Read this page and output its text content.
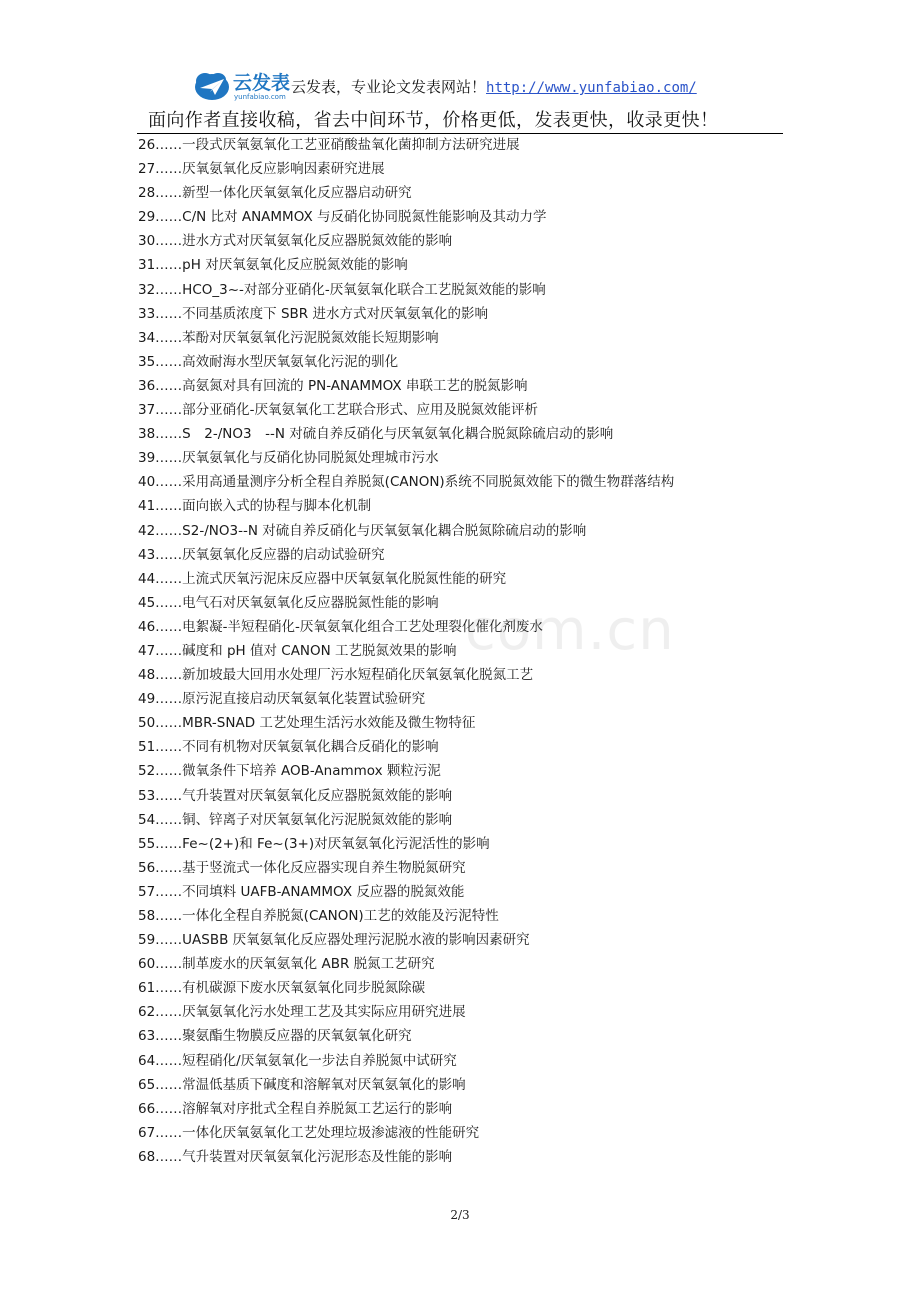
云发表
yunfabiao.com
云发表，专业论文发表网站！http://www.yunfabiao.com/
面向作者直接收稿，省去中间环节，价格更低，发表更快，收录更快！
com.cn
26……一段式厌氧氨氧化工艺亚硝酸盐氧化菌抑制方法研究进展
27……厌氧氨氧化反应影响因素研究进展
28……新型一体化厌氧氨氧化反应器启动研究
29……C/N 比对 ANAMMOX 与反硝化协同脱氮性能影响及其动力学
30……进水方式对厌氧氨氧化反应器脱氮效能的影响
31……pH 对厌氧氨氧化反应脱氮效能的影响
32……HCO_3~-对部分亚硝化-厌氧氨氧化联合工艺脱氮效能的影响
33……不同基质浓度下 SBR 进水方式对厌氧氨氧化的影响
34……苯酚对厌氧氨氧化污泥脱氮效能长短期影响
35……高效耐海水型厌氧氨氧化污泥的驯化
36……高氨氮对具有回流的 PN-ANAMMOX 串联工艺的脱氮影响
37……部分亚硝化-厌氧氨氧化工艺联合形式、应用及脱氮效能评析
38……S　2-/NO3　--N 对硫自养反硝化与厌氧氨氧化耦合脱氮除硫启动的影响
39……厌氧氨氧化与反硝化协同脱氮处理城市污水
40……采用高通量测序分析全程自养脱氮(CANON)系统不同脱氮效能下的微生物群落结构
41……面向嵌入式的协程与脚本化机制
42……S2-/NO3--N 对硫自养反硝化与厌氧氨氧化耦合脱氮除硫启动的影响
43……厌氧氨氧化反应器的启动试验研究
44……上流式厌氧污泥床反应器中厌氧氨氧化脱氮性能的研究
45……电气石对厌氧氨氧化反应器脱氮性能的影响
46……电絮凝-半短程硝化-厌氧氨氧化组合工艺处理裂化催化剂废水
47……碱度和 pH 值对 CANON 工艺脱氮效果的影响
48……新加坡最大回用水处理厂污水短程硝化厌氧氨氧化脱氮工艺
49……原污泥直接启动厌氧氨氧化装置试验研究
50……MBR-SNAD 工艺处理生活污水效能及微生物特征
51……不同有机物对厌氧氨氧化耦合反硝化的影响
52……微氧条件下培养 AOB-Anammox 颗粒污泥
53……气升装置对厌氧氨氧化反应器脱氮效能的影响
54……铜、锌离子对厌氧氨氧化污泥脱氮效能的影响
55……Fe~(2+)和 Fe~(3+)对厌氧氨氧化污泥活性的影响
56……基于竖流式一体化反应器实现自养生物脱氮研究
57……不同填料 UAFB-ANAMMOX 反应器的脱氮效能
58……一体化全程自养脱氮(CANON)工艺的效能及污泥特性
59……UASBB 厌氧氨氧化反应器处理污泥脱水液的影响因素研究
60……制革废水的厌氧氨氧化 ABR 脱氮工艺研究
61……有机碳源下废水厌氧氨氧化同步脱氮除碳
62……厌氧氨氧化污水处理工艺及其实际应用研究进展
63……聚氨酯生物膜反应器的厌氧氨氧化研究
64……短程硝化/厌氧氨氧化一步法自养脱氮中试研究
65……常温低基质下碱度和溶解氧对厌氧氨氧化的影响
66……溶解氧对序批式全程自养脱氮工艺运行的影响
67……一体化厌氧氨氧化工艺处理垃圾渗滤液的性能研究
68……气升装置对厌氧氨氧化污泥形态及性能的影响
2/3
